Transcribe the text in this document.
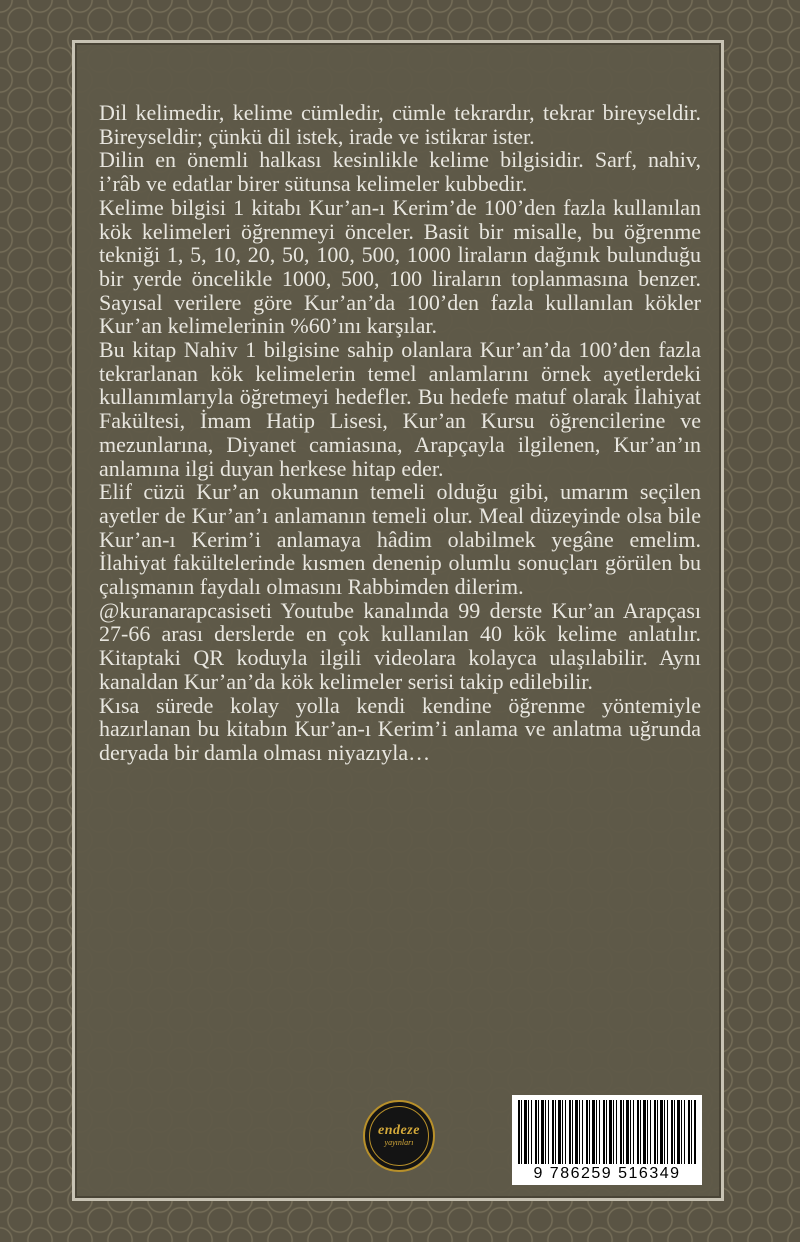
Dil kelimedir, kelime cümledir, cümle tekrardır, tekrar bireyseldir. Bireyseldir; çünkü dil istek, irade ve istikrar ister.

Dilin en önemli halkası kesinlikle kelime bilgisidir. Sarf, nahiv, i’râb ve edatlar birer sütunsa kelimeler kubbedir.

Kelime bilgisi 1 kitabı Kur’an-ı Kerim’de 100’den fazla kullanılan kök kelimeleri öğrenmeyi önceler. Basit bir misalle, bu öğrenme tekniği 1, 5, 10, 20, 50, 100, 500, 1000 liraların dağınık bulunduğu bir yerde öncelikle 1000, 500, 100 liraların toplanmasına benzer. Sayısal verilere göre Kur’an’da 100’den fazla kullanılan kökler Kur’an kelimelerinin %60’ını karşılar.

Bu kitap Nahiv 1 bilgisine sahip olanlara Kur’an’da 100’den fazla tekrarlanan kök kelimelerin temel anlamlarını örnek ayetlerdeki kullanımlarıyla öğretmeyi hedefler. Bu hedefe matuf olarak İlahiyat Fakültesi, İmam Hatip Lisesi, Kur’an Kursu öğrencilerine ve mezunlarına, Diyanet camiasına, Arapçayla ilgilenen, Kur’an’ın anlamına ilgi duyan herkese hitap eder.

Elif cüzü Kur’an okumanın temeli olduğu gibi, umarım seçilen ayetler de Kur’an’ı anlamanın temeli olur. Meal düzeyinde olsa bile Kur’an-ı Kerim’i anlamaya hâdim olabilmek yegâne emelim. İlahiyat fakültelerinde kısmen denenip olumlu sonuçları görülen bu çalışmanın faydalı olmasını Rabbimden dilerim.

@kuranarapcasiseti Youtube kanalında 99 derste Kur’an Arapçası 27-66 arası derslerde en çok kullanılan 40 kök kelime anlatılır. Kitaptaki QR koduyla ilgili videolara kolayca ulaşılabilir. Aynı kanaldan Kur’an’da kök kelimeler serisi takip edilebilir.

Kısa sürede kolay yolla kendi kendine öğrenme yöntemiyle hazırlanan bu kitabın Kur’an-ı Kerim’i anlama ve anlatma uğrunda deryada bir damla olması niyazıyla…

endeze
yayınları
9 786259 516349
